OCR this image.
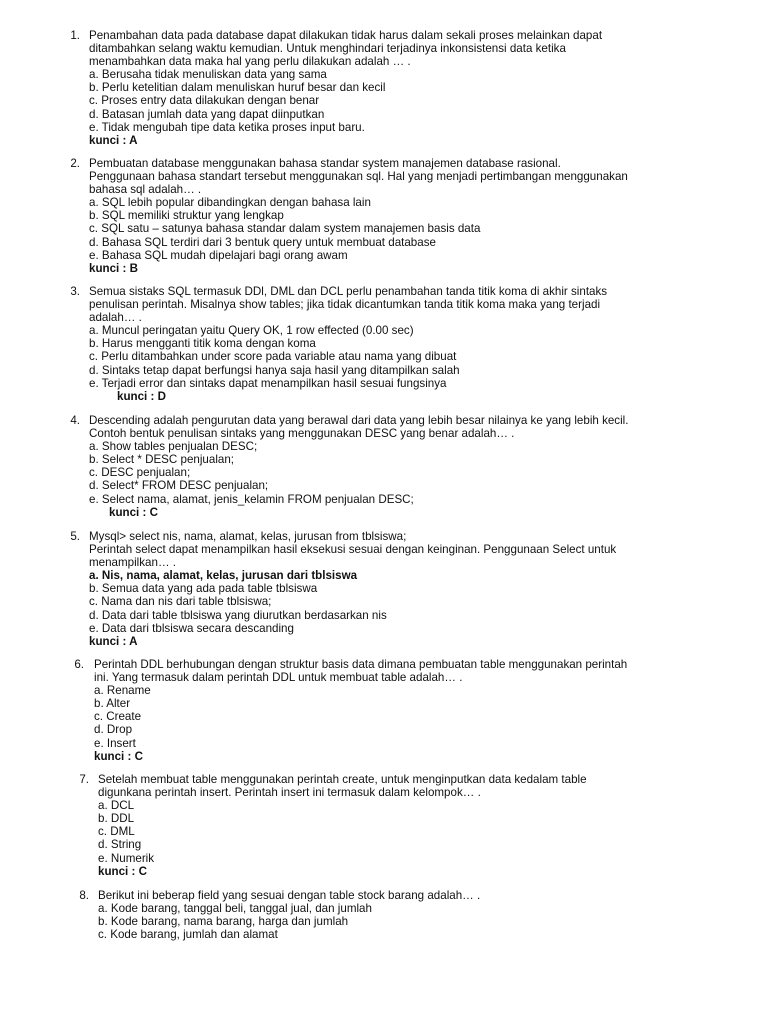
1. Penambahan data pada database dapat dilakukan tidak harus dalam sekali proses melainkan dapat
ditambahkan selang waktu kemudian. Untuk menghindari terjadinya inkonsistensi data ketika
menambahkan data maka hal yang perlu dilakukan adalah … .
a. Berusaha tidak menuliskan data yang sama
b. Perlu ketelitian dalam menuliskan huruf besar dan kecil
c. Proses entry data dilakukan dengan benar
d. Batasan jumlah data yang dapat diinputkan
e. Tidak mengubah tipe data ketika proses input baru.
kunci : A
2. Pembuatan database menggunakan bahasa standar system manajemen database rasional.
Penggunaan bahasa standart tersebut menggunakan sql. Hal yang menjadi pertimbangan menggunakan
bahasa sql adalah… .
a. SQL lebih popular dibandingkan dengan bahasa lain
b. SQL memiliki struktur yang lengkap
c. SQL satu – satunya bahasa standar dalam system manajemen basis data
d. Bahasa SQL terdiri dari 3 bentuk query untuk membuat database
e. Bahasa SQL mudah dipelajari bagi orang awam
kunci : B
3. Semua sistaks SQL termasuk DDl, DML dan DCL perlu penambahan tanda titik koma di akhir sintaks
penulisan perintah. Misalnya show tables; jika tidak dicantumkan tanda titik koma maka yang terjadi
adalah… .
a. Muncul peringatan yaitu Query OK, 1 row effected (0.00 sec)
b. Harus mengganti titik koma dengan koma
c. Perlu ditambahkan under score pada variable atau nama yang dibuat
d. Sintaks tetap dapat berfungsi hanya saja hasil yang ditampilkan salah
e. Terjadi error dan sintaks dapat menampilkan hasil sesuai fungsinya
kunci : D
4. Descending adalah pengurutan data yang berawal dari data yang lebih besar nilainya ke yang lebih kecil.
Contoh bentuk penulisan sintaks yang menggunakan DESC yang benar adalah… .
a. Show tables penjualan DESC;
b. Select * DESC penjualan;
c. DESC penjualan;
d. Select* FROM DESC penjualan;
e. Select nama, alamat, jenis_kelamin FROM penjualan DESC;
kunci : C
5. Mysql> select nis, nama, alamat, kelas, jurusan from tblsiswa;
Perintah select dapat menampilkan hasil eksekusi sesuai dengan keinginan. Penggunaan Select untuk
menampilkan… .
a. Nis, nama, alamat, kelas, jurusan dari tblsiswa
b. Semua data yang ada pada table tblsiswa
c. Nama dan nis dari table tblsiswa;
d. Data dari table tblsiswa yang diurutkan berdasarkan nis
e. Data dari tblsiswa secara descanding
kunci : A
6. Perintah DDL berhubungan dengan struktur basis data dimana pembuatan table menggunakan perintah
ini. Yang termasuk dalam perintah DDL untuk membuat table adalah… .
a. Rename
b. Alter
c. Create
d. Drop
e. Insert
kunci : C
7. Setelah membuat table menggunakan perintah create, untuk menginputkan data kedalam table
digunkana perintah insert. Perintah insert ini termasuk dalam kelompok… .
a. DCL
b. DDL
c. DML
d. String
e. Numerik
kunci : C
8. Berikut ini beberap field yang sesuai dengan table stock barang adalah… .
a. Kode barang, tanggal beli, tanggal jual, dan jumlah
b. Kode barang, nama barang, harga dan jumlah
c. Kode barang, jumlah dan alamat
